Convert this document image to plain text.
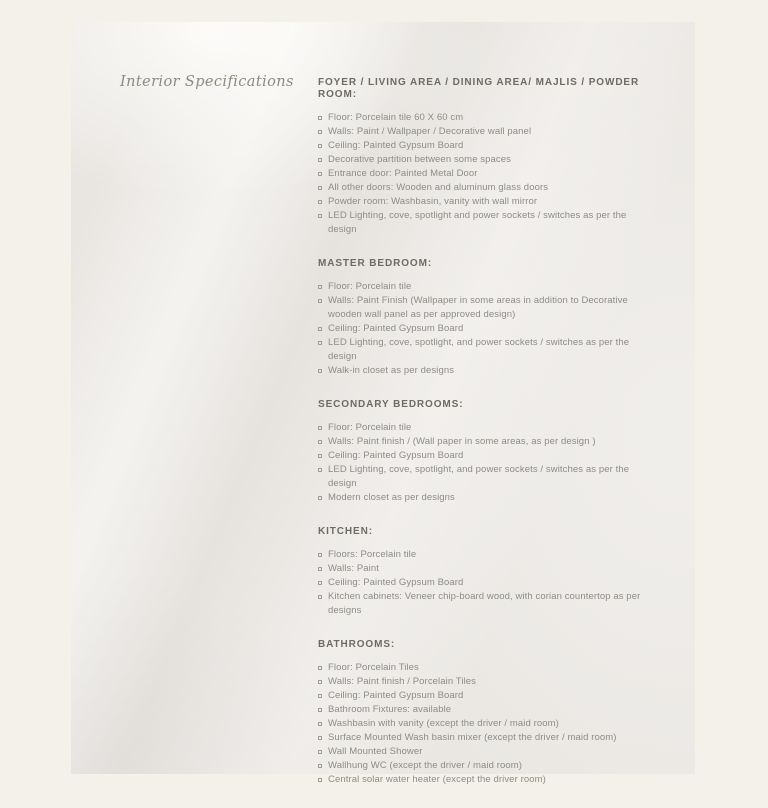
Interior Specifications	FOYER / LIVING AREA / DINING AREA/ MAJLIS / POWDER ROOM:
Floor: Porcelain tile 60 X 60 cm
Walls: Paint / Wallpaper / Decorative wall panel
Ceiling: Painted Gypsum Board
Decorative partition between some spaces
Entrance door: Painted Metal Door
All other doors: Wooden and aluminum glass doors
Powder room: Washbasin, vanity with wall mirror
LED Lighting, cove, spotlight and power sockets / switches as per the design
MASTER BEDROOM:
Floor: Porcelain tile
Walls: Paint Finish (Wallpaper in some areas in addition to Decorative wooden wall panel as per approved design)
Ceiling: Painted Gypsum Board
LED Lighting, cove, spotlight, and power sockets / switches as per the design
Walk-in closet as per designs
SECONDARY BEDROOMS:
Floor: Porcelain tile
Walls: Paint finish / (Wall paper in some areas, as per design )
Ceiling: Painted Gypsum Board
LED Lighting, cove, spotlight, and power sockets / switches as per the design
Modern closet as per designs
KITCHEN:
Floors: Porcelain tile
Walls: Paint
Ceiling: Painted Gypsum Board
Kitchen cabinets: Veneer chip-board wood, with corian countertop as per designs
BATHROOMS:
Floor: Porcelain Tiles
Walls: Paint finish / Porcelain Tiles
Ceiling: Painted Gypsum Board
Bathroom Fixtures: available
Washbasin with vanity (except the driver / maid room)
Surface Mounted Wash basin mixer (except the driver / maid room)
Wall Mounted Shower
Wallhung WC (except the driver / maid room)
Central solar water heater (except the driver room)
